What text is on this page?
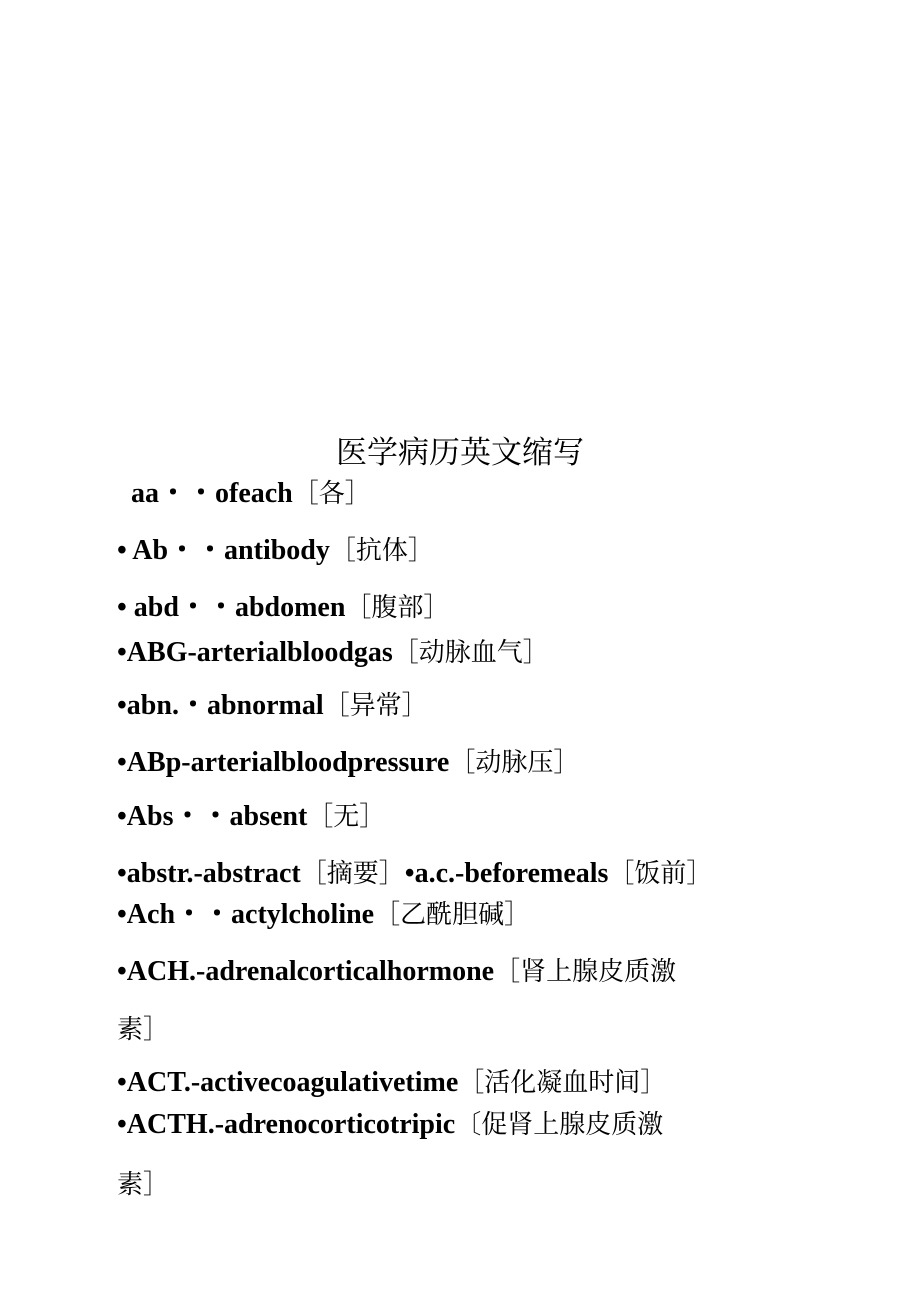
医学病历英文缩写
aa・・ofeach［各］
• Ab・・antibody［抗体］
• abd・・abdomen［腹部］
•ABG-arterialbloodgas［动脉血气］
•abn.・abnormal［异常］
•ABp-arterialbloodpressure［动脉压］
•Abs・・absent［无］
•abstr.-abstract［摘要］•a.c.-beforemeals［饭前］
•Ach・・actylcholine［乙酰胆碱］
•ACH.-adrenalcorticalhormone［肾上腺皮质激
素］
•ACT.-activecoagulativetime［活化凝血时间］
•ACTH.-adrenocorticotripic〔促肾上腺皮质激
素］
